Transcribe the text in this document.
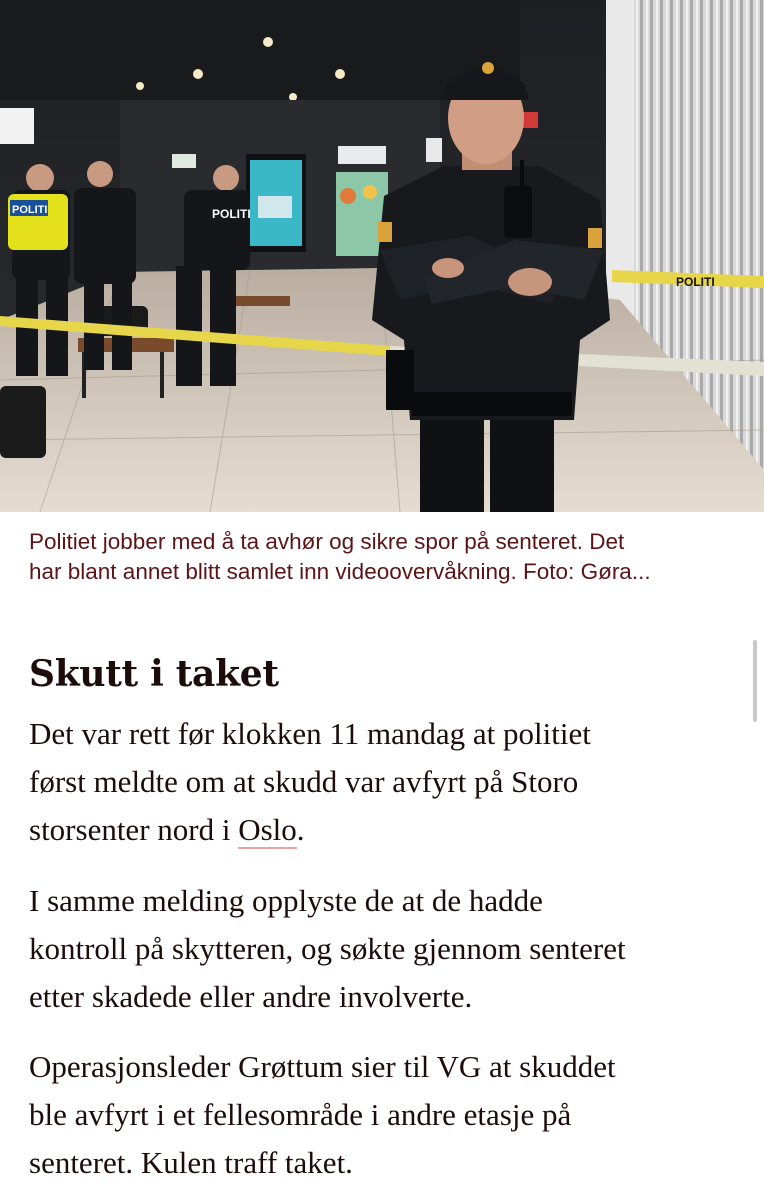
POLITI	POLITI
POLITI

Politiet jobber med å ta avhør og sikre spor på senteret. Det
har blant annet blitt samlet inn videoovervåkning. Foto: Gøra...

Skutt i taket

Det var rett før klokken 11 mandag at politiet
først meldte om at skudd var avfyrt på Storo
storsenter nord i Oslo.

I samme melding opplyste de at de hadde
kontroll på skytteren, og søkte gjennom senteret
etter skadede eller andre involverte.

Operasjonsleder Grøttum sier til VG at skuddet
ble avfyrt i et fellesområde i andre etasje på
senteret. Kulen traff taket.
